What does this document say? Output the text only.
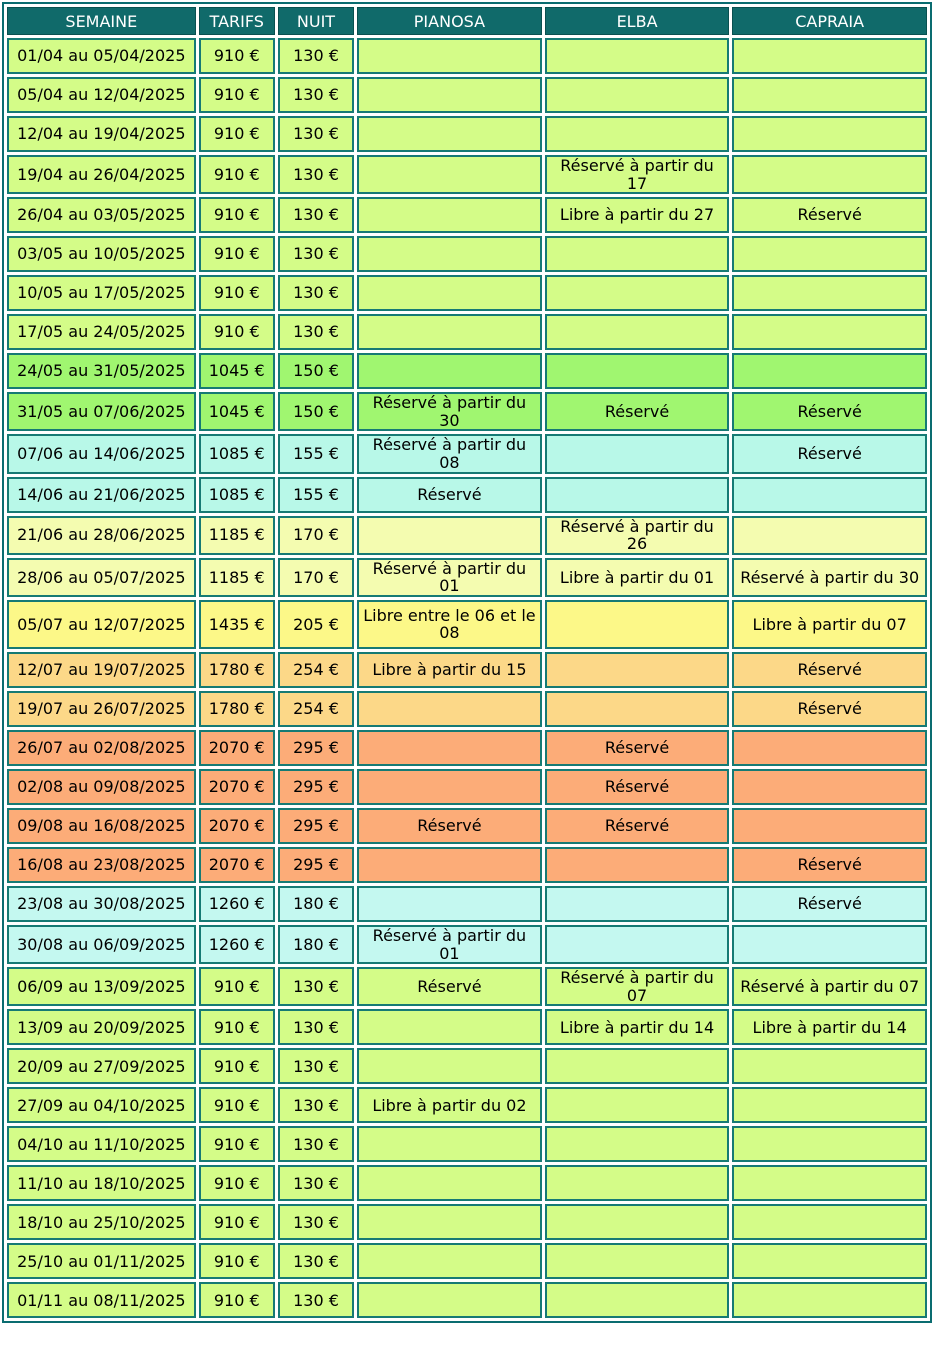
SEMAINE	TARIFS	NUIT	PIANOSA	ELBA	CAPRAIA
01/04 au 05/04/2025	910 €	130 €			
05/04 au 12/04/2025	910 €	130 €			
12/04 au 19/04/2025	910 €	130 €			
19/04 au 26/04/2025	910 €	130 €		Réservé à partir du 17	
26/04 au 03/05/2025	910 €	130 €		Libre à partir du 27	Réservé
03/05 au 10/05/2025	910 €	130 €			
10/05 au 17/05/2025	910 €	130 €			
17/05 au 24/05/2025	910 €	130 €			
24/05 au 31/05/2025	1045 €	150 €			
31/05 au 07/06/2025	1045 €	150 €	Réservé à partir du 30	Réservé	Réservé
07/06 au 14/06/2025	1085 €	155 €	Réservé à partir du 08		Réservé
14/06 au 21/06/2025	1085 €	155 €	Réservé		
21/06 au 28/06/2025	1185 €	170 €		Réservé à partir du 26	
28/06 au 05/07/2025	1185 €	170 €	Réservé à partir du 01	Libre à partir du 01	Réservé à partir du 30
05/07 au 12/07/2025	1435 €	205 €	Libre entre le 06 et le 08		Libre à partir du 07
12/07 au 19/07/2025	1780 €	254 €	Libre à partir du 15		Réservé
19/07 au 26/07/2025	1780 €	254 €			Réservé
26/07 au 02/08/2025	2070 €	295 €		Réservé	
02/08 au 09/08/2025	2070 €	295 €		Réservé	
09/08 au 16/08/2025	2070 €	295 €	Réservé	Réservé	
16/08 au 23/08/2025	2070 €	295 €			Réservé
23/08 au 30/08/2025	1260 €	180 €			Réservé
30/08 au 06/09/2025	1260 €	180 €	Réservé à partir du 01		
06/09 au 13/09/2025	910 €	130 €	Réservé	Réservé à partir du 07	Réservé à partir du 07
13/09 au 20/09/2025	910 €	130 €		Libre à partir du 14	Libre à partir du 14
20/09 au 27/09/2025	910 €	130 €			
27/09 au 04/10/2025	910 €	130 €	Libre à partir du 02		
04/10 au 11/10/2025	910 €	130 €			
11/10 au 18/10/2025	910 €	130 €			
18/10 au 25/10/2025	910 €	130 €			
25/10 au 01/11/2025	910 €	130 €			
01/11 au 08/11/2025	910 €	130 €			
